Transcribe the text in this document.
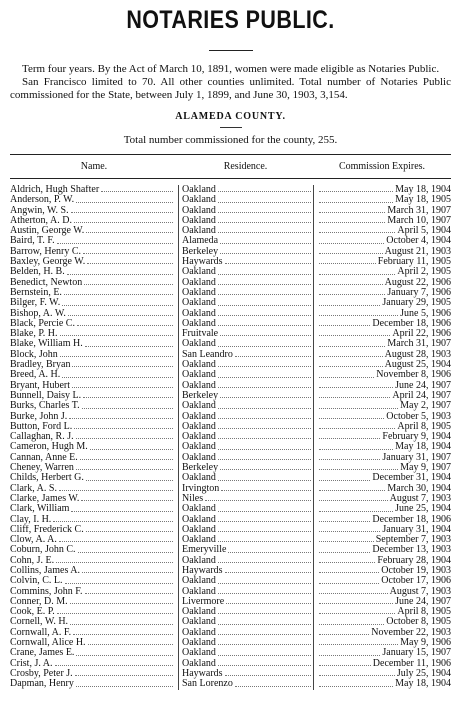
NOTARIES PUBLIC.

Term four years. By the Act of March 10, 1891, women were made eligible as Notaries Public.

San Francisco limited to 70. All other counties unlimited. Total number of Notaries Public commissioned for the State, between July 1, 1899, and June 30, 1903, 3,154.

ALAMEDA COUNTY.
Total number commissioned for the county, 255.
Name.	Residence.	Commission Expires.
Aldrich, Hugh Shafter	Oakland	May 18, 1904
Anderson, P. W.	Oakland	May 18, 1905
Angwin, W. S.	Oakland	March 31, 1907
Atherton, A. D.	Oakland	March 10, 1907
Austin, George W.	Oakland	April 5, 1904
Baird, T. F.	Alameda	October 4, 1904
Barrow, Henry C.	Berkeley	August 21, 1903
Baxley, George W.	Haywards	February 11, 1905
Belden, H. B.	Oakland	April 2, 1905
Benedict, Newton	Oakland	August 22, 1906
Bernstein, E.	Oakland	January 7, 1906
Bilger, F. W.	Oakland	January 29, 1905
Bishop, A. W.	Oakland	June 5, 1906
Black, Percie C.	Oakland	December 18, 1906
Blake, P. H.	Fruitvale	April 22, 1906
Blake, William H.	Oakland	March 31, 1907
Block, John	San Leandro	August 28, 1903
Bradley, Bryan	Oakland	August 25, 1904
Breed, A. H.	Oakland	November 8, 1906
Bryant, Hubert	Oakland	June 24, 1907
Bunnell, Daisy L.	Berkeley	April 24, 1907
Burks, Charles T.	Oakland	May 2, 1907
Burke, John J.	Oakland	October 5, 1903
Button, Ford L.	Oakland	April 8, 1905
Callaghan, R. J.	Oakland	February 9, 1904
Cameron, Hugh M.	Oakland	May 18, 1904
Cannan, Anne E.	Oakland	January 31, 1907
Cheney, Warren	Berkeley	May 9, 1907
Childs, Herbert G.	Oakland	December 31, 1904
Clark, A. S.	Irvington	March 30, 1904
Clarke, James W.	Niles	August 7, 1903
Clark, William	Oakland	June 25, 1904
Clay, I. H.	Oakland	December 18, 1906
Cliff, Frederick C.	Oakland	January 31, 1904
Clow, A. A.	Oakland	September 7, 1903
Coburn, John C.	Emeryville	December 13, 1903
Cohn, J. E.	Oakland	February 28, 1904
Collins, James A.	Haywards	October 19, 1903
Colvin, C. L.	Oakland	October 17, 1906
Commins, John F.	Oakland	August 7, 1903
Conner, D. M.	Livermore	June 24, 1907
Cook, E. P.	Oakland	April 8, 1905
Cornell, W. H.	Oakland	October 8, 1905
Cornwall, A. F.	Oakland	November 22, 1903
Cornwall, Alice H.	Oakland	May 9, 1906
Crane, James E.	Oakland	January 15, 1907
Crist, J. A.	Oakland	December 11, 1906
Crosby, Peter J.	Haywards	July 25, 1904
Dapman, Henry	San Lorenzo	May 18, 1904
